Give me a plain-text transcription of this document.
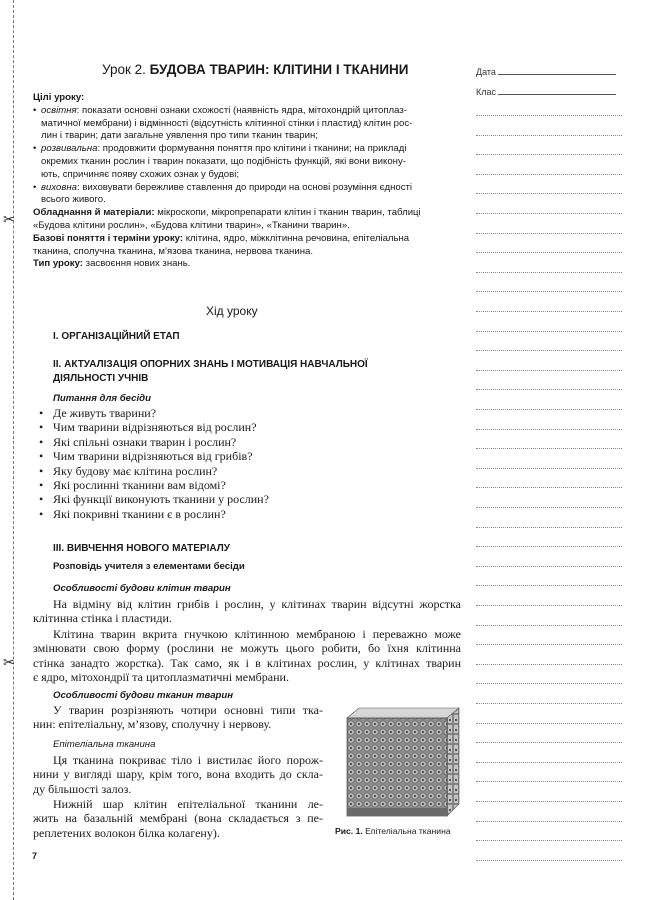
✂
✂
Дата
Клас
Урок 2. БУДОВА ТВАРИН: КЛІТИНИ І ТКАНИНИ
Цілі уроку:
• освітня: показати основні ознаки схожості (наявність ядра, мітохондрій цитоплаз-
матичної мембрани) і відмінності (відсутність клітинної стінки і пластид) клітин рос-
лин і тварин; дати загальне уявлення про типи тканин тварин;
• розвивальна: продовжити формування поняття про клітини і тканини; на прикладі
окремих тканин рослин і тварин показати, що подібність функцій, які вони викону-
ють, спричиняє появу схожих ознак у будові;
• виховна: виховувати бережливе ставлення до природи на основі розуміння єдності
всього живого.
Обладнання й матеріали: мікроскопи, мікропрепарати клітин і тканин тварин, таблиці
«Будова клітини рослин», «Будова клітини тварин», «Тканини тварин».
Базові поняття і терміни уроку: клітина, ядро, міжклітинна речовина, епітеліальна
тканина, сполучна тканина, м’язова тканина, нервова тканина.
Тип уроку: засвоєння нових знань.
Хід уроку
I. ОРГАНІЗАЦІЙНИЙ ЕТАП
II. АКТУАЛІЗАЦІЯ ОПОРНИХ ЗНАНЬ І МОТИВАЦІЯ НАВЧАЛЬНОЇ
ДІЯЛЬНОСТІ УЧНІВ
Питання для бесіди
• Де живуть тварини?
• Чим тварини відрізняються від рослин?
• Які спільні ознаки тварин і рослин?
• Чим тварини відрізняються від грибів?
• Яку будову має клітина рослин?
• Які рослинні тканини вам відомі?
• Які функції виконують тканини у рослин?
• Які покривні тканини є в рослин?
III. ВИВЧЕННЯ НОВОГО МАТЕРІАЛУ
Розповідь учителя з елементами бесіди
Особливості будови клітин тварин
На відміну від клітин грибів і рослин, у клітинах тварин відсутні жорстка
клітинна стінка і пластиди.
Клітина тварин вкрита гнучкою клітинною мембраною і переважно може
змінювати свою форму (рослини не можуть цього робити, бо їхня клітинна
стінка занадто жорстка). Так само, як і в клітинах рослин, у клітинах тварин
є ядро, мітохондрії та цитоплазматичні мембрани.
Особливості будови тканин тварин
У тварин розрізняють чотири основні типи тка-
нин: епітеліальну, м’язову, сполучну і нервову.
Епітеліальна тканина
Ця тканина покриває тіло і вистилає його порож-
нини у вигляді шару, крім того, вона входить до скла-
ду більшості залоз.
Нижній шар клітин епітеліальної тканини ле-
жить на базальній мембрані (вона складається з пе-
реплетених волокон білка колагену).	Рис. 1. Епітеліальна тканина
7
